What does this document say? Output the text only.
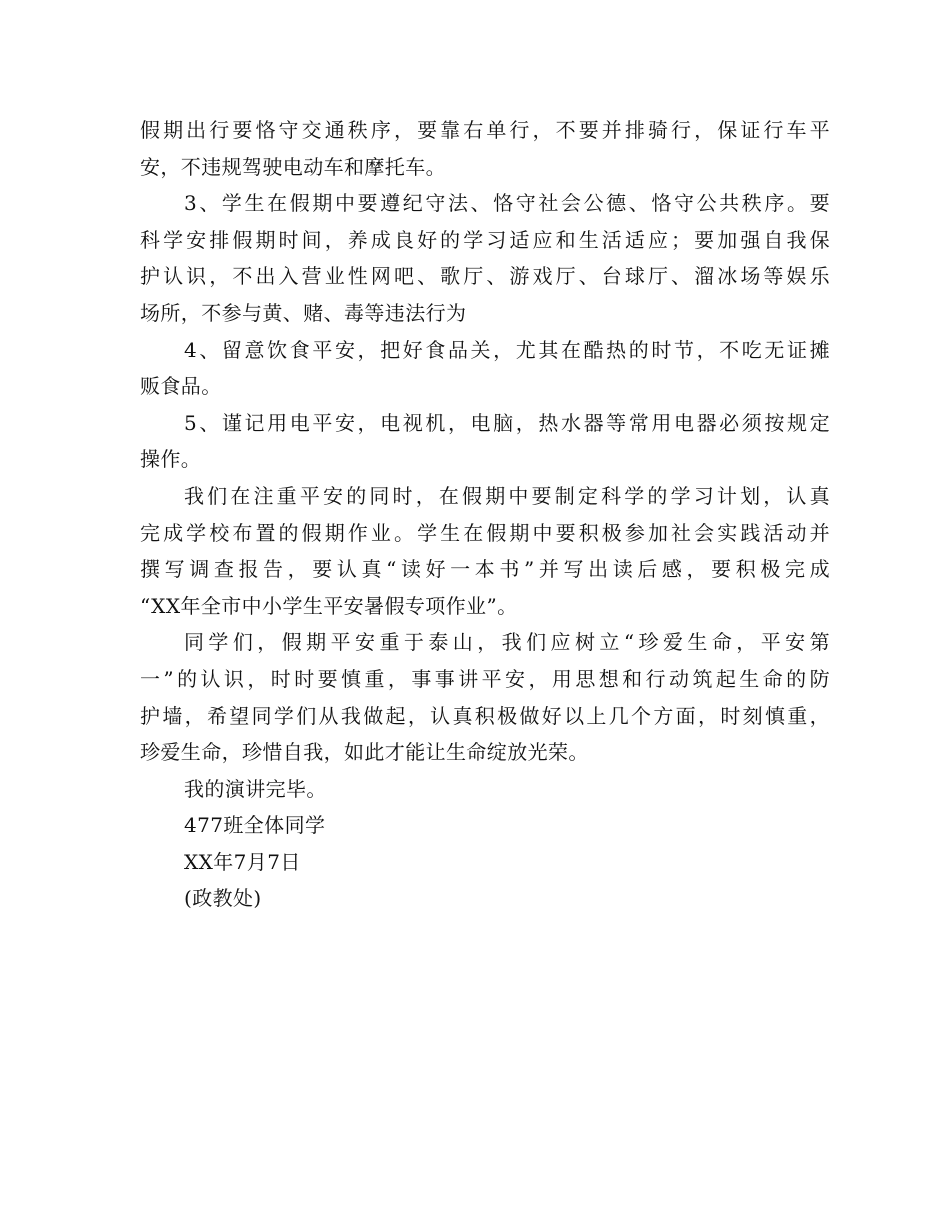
假期出行要恪守交通秩序，要靠右单行，不要并排骑行，保证行车平
安，不违规驾驶电动车和摩托车。
3、学生在假期中要遵纪守法、恪守社会公德、恪守公共秩序。要
科学安排假期时间，养成良好的学习适应和生活适应；要加强自我保
护认识，不出入营业性网吧、歌厅、游戏厅、台球厅、溜冰场等娱乐
场所，不参与黄、赌、毒等违法行为
4、留意饮食平安，把好食品关，尤其在酷热的时节，不吃无证摊
贩食品。
5、谨记用电平安，电视机，电脑，热水器等常用电器必须按规定
操作。
我们在注重平安的同时，在假期中要制定科学的学习计划，认真
完成学校布置的假期作业。学生在假期中要积极参加社会实践活动并
撰写调查报告，要认真“读好一本书”并写出读后感，要积极完成
“XX年全市中小学生平安暑假专项作业”。
同学们，假期平安重于泰山，我们应树立“珍爱生命，平安第
一”的认识，时时要慎重，事事讲平安，用思想和行动筑起生命的防
护墙，希望同学们从我做起，认真积极做好以上几个方面，时刻慎重，
珍爱生命，珍惜自我，如此才能让生命绽放光荣。
我的演讲完毕。
477班全体同学
XX年7月7日
(政教处)
